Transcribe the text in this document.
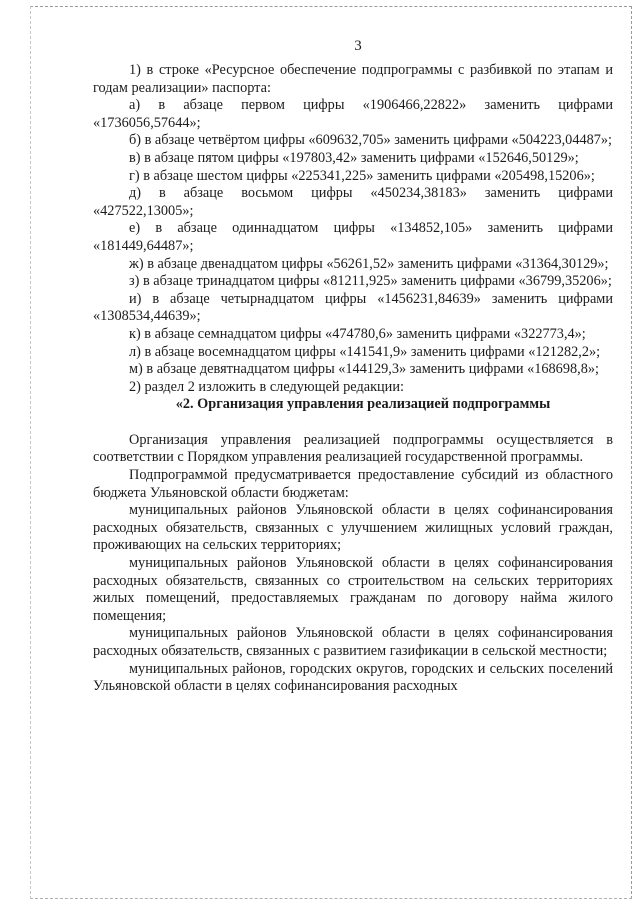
3

1) в строке «Ресурсное обеспечение подпрограммы с разбивкой по этапам и годам реализации» паспорта:

а) в абзаце первом цифры «1906466,22822» заменить цифрами «1736056,57644»;

б) в абзаце четвёртом цифры «609632,705» заменить цифрами «504223,04487»;

в) в абзаце пятом цифры «197803,42» заменить цифрами «152646,50129»;

г) в абзаце шестом цифры «225341,225» заменить цифрами «205498,15206»;

д) в абзаце восьмом цифры «450234,38183» заменить цифрами «427522,13005»;

е) в абзаце одиннадцатом цифры «134852,105» заменить цифрами «181449,64487»;

ж) в абзаце двенадцатом цифры «56261,52» заменить цифрами «31364,30129»;

з) в абзаце тринадцатом цифры «81211,925» заменить цифрами «36799,35206»;

и) в абзаце четырнадцатом цифры «1456231,84639» заменить цифрами «1308534,44639»;

к) в абзаце семнадцатом цифры «474780,6» заменить цифрами «322773,4»;

л) в абзаце восемнадцатом цифры «141541,9» заменить цифрами «121282,2»;

м) в абзаце девятнадцатом цифры «144129,3» заменить цифрами «168698,8»;

2) раздел 2 изложить в следующей редакции:

«2. Организация управления реализацией подпрограммы

Организация управления реализацией подпрограммы осуществляется в соответствии с Порядком управления реализацией государственной программы.

Подпрограммой предусматривается предоставление субсидий из областного бюджета Ульяновской области бюджетам:

муниципальных районов Ульяновской области в целях софинансирования расходных обязательств, связанных с улучшением жилищных условий граждан, проживающих на сельских территориях;

муниципальных районов Ульяновской области в целях софинансирования расходных обязательств, связанных со строительством на сельских территориях жилых помещений, предоставляемых гражданам по договору найма жилого помещения;

муниципальных районов Ульяновской области в целях софинансирования расходных обязательств, связанных с развитием газификации в сельской местности;

муниципальных районов, городских округов, городских и сельских поселений Ульяновской области в целях софинансирования расходных
